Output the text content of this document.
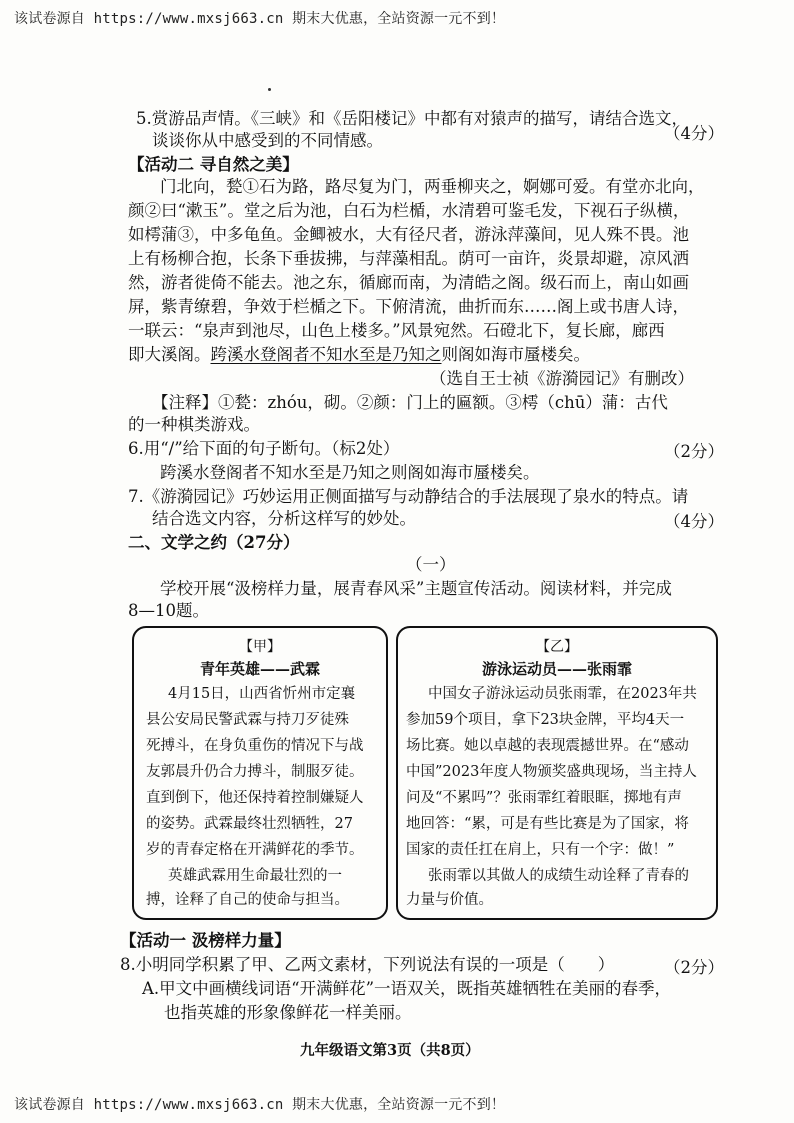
该试卷源自 https://www.mxsj663.cn 期末大优惠，全站资源一元不到！
5.赏游品声情。《三峡》和《岳阳楼记》中都有对猿声的描写，请结合选文，
谈谈你从中感受到的不同情感。	（4分）
【活动二 寻自然之美】
门北向，甃①石为路，路尽复为门，两垂柳夹之，婀娜可爱。有堂亦北向，
颜②曰“漱玉”。堂之后为池，白石为栏楯，水清碧可鉴毛发，下视石子纵横，
如樗蒲③，中多龟鱼。金鲫被水，大有径尺者，游泳萍藻间，见人殊不畏。池
上有杨柳合抱，长条下垂拔拂，与萍藻相乱。荫可一亩许，炎景却避，凉风洒
然，游者徙倚不能去。池之东，循廊而南，为清皓之阁。级石而上，南山如画
屏，紫青缭碧，争效于栏楯之下。下俯清流，曲折而东……阁上或书唐人诗，
一联云：“泉声到池尽，山色上楼多。”风景宛然。石磴北下，复长廊，廊西
即大溪阁。跨溪水登阁者不知水至是乃知之则阁如海市蜃楼矣。
（选自王士祯《游漪园记》有删改）
【注释】①甃：zhóu，砌。②颜：门上的匾额。③樗（chū）蒲：古代
的一种棋类游戏。
6.用“/”给下面的句子断句。（标2处）	（2分）
跨溪水登阁者不知水至是乃知之则阁如海市蜃楼矣。
7.《游漪园记》巧妙运用正侧面描写与动静结合的手法展现了泉水的特点。请
结合选文内容，分析这样写的妙处。	（4分）
二、文学之约（27分）
（一）
学校开展“汲榜样力量，展青春风采”主题宣传活动。阅读材料，并完成
8—10题。
【甲】
青年英雄——武霖
4月15日，山西省忻州市定襄
县公安局民警武霖与持刀歹徒殊
死搏斗，在身负重伤的情况下与战
友郭晨升仍合力搏斗，制服歹徒。
直到倒下，他还保持着控制嫌疑人
的姿势。武霖最终壮烈牺牲，27
岁的青春定格在开满鲜花的季节。
英雄武霖用生命最壮烈的一
搏，诠释了自己的使命与担当。
【乙】
游泳运动员——张雨霏
中国女子游泳运动员张雨霏，在2023年共
参加59个项目，拿下23块金牌，平均4天一
场比赛。她以卓越的表现震撼世界。在“感动
中国”2023年度人物颁奖盛典现场，当主持人
问及“不累吗”？张雨霏红着眼眶，掷地有声
地回答：“累，可是有些比赛是为了国家，将
国家的责任扛在肩上，只有一个字：做！”
张雨霏以其做人的成绩生动诠释了青春的
力量与价值。
【活动一 汲榜样力量】
8.小明同学积累了甲、乙两文素材，下列说法有误的一项是（　　）	（2分）
A.甲文中画横线词语“开满鲜花”一语双关，既指英雄牺牲在美丽的春季，
也指英雄的形象像鲜花一样美丽。
九年级语文第3页（共8页）
该试卷源自 https://www.mxsj663.cn 期末大优惠，全站资源一元不到！
